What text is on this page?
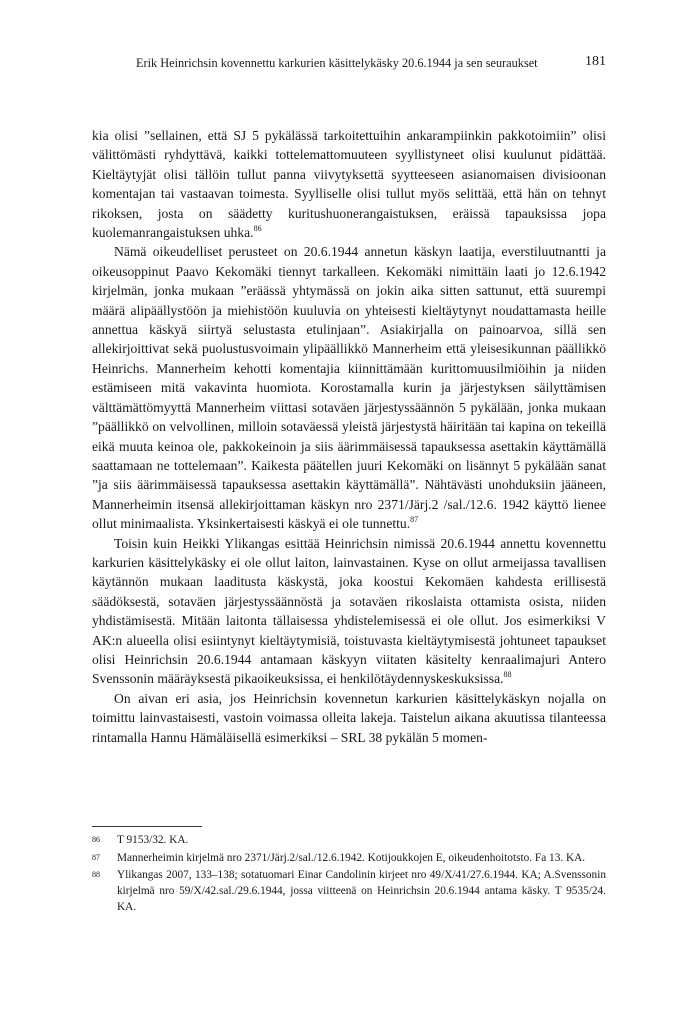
Erik Heinrichsin kovennettu karkurien käsittelykäsky 20.6.1944 ja sen seuraukset	181

kia olisi ”sellainen, että SJ 5 pykälässä tarkoitettuihin ankarampiinkin pakkotoimiin” olisi välittömästi ryhdyttävä, kaikki tottelemattomuuteen syyllistyneet olisi kuulunut pidättää. Kieltäytyjät olisi tällöin tullut panna viivytyksettä syytteeseen asianomaisen divisioonan komentajan tai vastaavan toimesta. Syylliselle olisi tullut myös selittää, että hän on tehnyt rikoksen, josta on säädetty kuritushuonerangaistuksen, eräissä tapauksissa jopa kuolemanrangaistuksen uhka.$^{86}$

Nämä oikeudelliset perusteet on 20.6.1944 annetun käskyn laatija, everstiluutnantti ja oikeusoppinut Paavo Kekomäki tiennyt tarkalleen. Kekomäki nimittäin laati jo 12.6.1942 kirjelmän, jonka mukaan ”eräässä yhtymässä on jokin aika sitten sattunut, että suurempi määrä alipäällystöön ja miehistöön kuuluvia on yhteisesti kieltäytynyt noudattamasta heille annettua käskyä siirtyä selustasta etulinjaan”. Asiakirjalla on painoarvoa, sillä sen allekirjoittivat sekä puolustusvoimain ylipäällikkö Mannerheim että yleisesikunnan päällikkö Heinrichs. Mannerheim kehotti komentajia kiinnittämään kurittomuusilmiöihin ja niiden estämiseen mitä vakavinta huomiota. Korostamalla kurin ja järjestyksen säilyttämisen välttämättömyyttä Mannerheim viittasi sotaväen järjestyssäännön 5 pykälään, jonka mukaan ”päällikkö on velvollinen, milloin sotaväessä yleistä järjestystä häiritään tai kapina on tekeillä eikä muuta keinoa ole, pakkokeinoin ja siis äärimmäisessä tapauksessa asettakin käyttämällä saattamaan ne tottelemaan”. Kaikesta päätellen juuri Kekomäki on lisännyt 5 pykälään sanat ”ja siis äärimmäisessä tapauksessa asettakin käyttämällä”. Nähtävästi unohduksiin jääneen, Mannerheimin itsensä allekirjoittaman käskyn nro 2371/Järj.2 /sal./12.6. 1942 käyttö lienee ollut minimaalista. Yksinkertaisesti käskyä ei ole tunnettu.$^{87}$

Toisin kuin Heikki Ylikangas esittää Heinrichsin nimissä 20.6.1944 annettu kovennettu karkurien käsittelykäsky ei ole ollut laiton, lainvastainen. Kyse on ollut armeijassa tavallisen käytännön mukaan laaditusta käskystä, joka koostui Kekomäen kahdesta erillisestä säädöksestä, sotaväen järjestyssäännöstä ja sotaväen rikoslaista ottamista osista, niiden yhdistämisestä. Mitään laitonta tällaisessa yhdistelemisessä ei ole ollut. Jos esimerkiksi V AK:n alueella olisi esiintynyt kieltäytymisiä, toistuvasta kieltäytymisestä johtuneet tapaukset olisi Heinrichsin 20.6.1944 antamaan käskyyn viitaten käsitelty kenraalimajuri Antero Svenssonin määräyksestä pikaoikeuksissa, ei henkilötäydennyskeskuksissa.$^{88}$

On aivan eri asia, jos Heinrichsin kovennetun karkurien käsittelykäskyn nojalla on toimittu lainvastaisesti, vastoin voimassa olleita lakeja. Taistelun aikana akuutissa tilanteessa rintamalla Hannu Hämäläisellä esimerkiksi – SRL 38 pykälän 5 momen-

86 T 9153/32. KA.
87 Mannerheimin kirjelmä nro 2371/Järj.2/sal./12.6.1942. Kotijoukkojen E, oikeudenhoitotsto. Fa 13. KA.
88 Ylikangas 2007, 133–138; sotatuomari Einar Candolinin kirjeet nro 49/X/41/27.6.1944. KA; A.Svenssonin kirjelmä nro 59/X/42.sal./29.6.1944, jossa viitteenä on Heinrichsin 20.6.1944 antama käsky. T 9535/24. KA.
